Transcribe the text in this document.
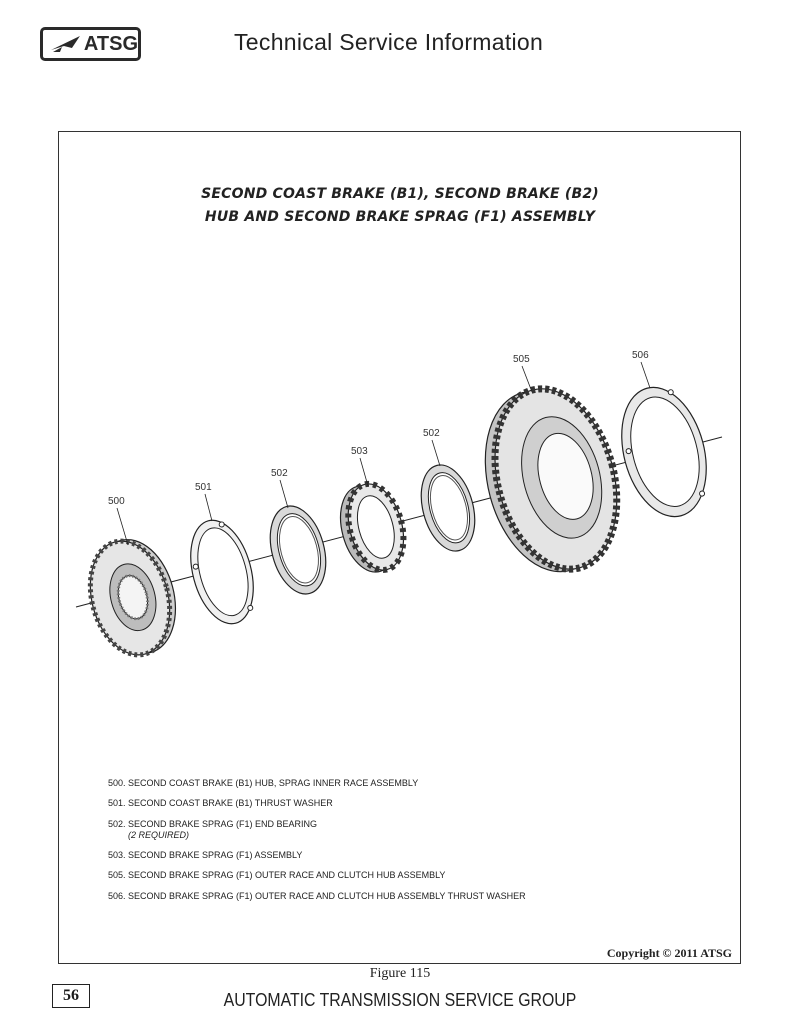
ATSG	Technical Service Information
SECOND COAST BRAKE (B1), SECOND BRAKE (B2)
HUB AND SECOND BRAKE SPRAG (F1) ASSEMBLY
500
501
502
503
502
505	506

500. SECOND COAST BRAKE (B1) HUB, SPRAG INNER RACE ASSEMBLY

501. SECOND COAST BRAKE (B1) THRUST WASHER

502. SECOND BRAKE SPRAG (F1) END BEARING
(2 REQUIRED)

503. SECOND BRAKE SPRAG (F1) ASSEMBLY

505. SECOND BRAKE SPRAG (F1) OUTER RACE AND CLUTCH HUB ASSEMBLY

506. SECOND BRAKE SPRAG (F1) OUTER RACE AND CLUTCH HUB ASSEMBLY THRUST WASHER

Copyright © 2011 ATSG
Figure 115
56	AUTOMATIC TRANSMISSION SERVICE GROUP
